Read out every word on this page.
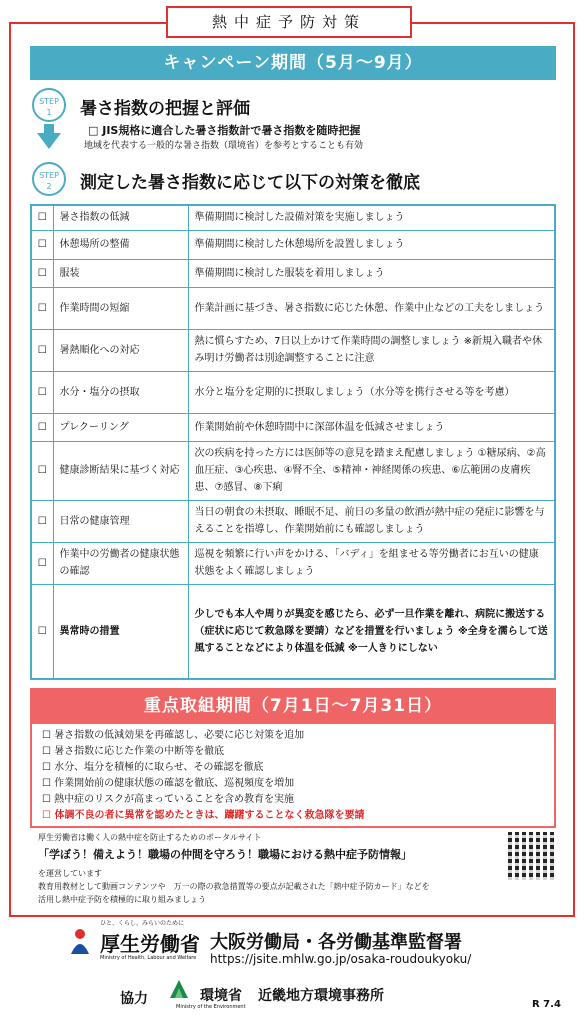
熱中症予防対策
キャンペーン期間（5月～9月）
STEP
1	暑さ指数の把握と評価
□ JIS規格に適合した暑さ指数計で暑さ指数を随時把握
地域を代表する一般的な暑さ指数（環境省）を参考とすることも有効
STEP
2	測定した暑さ指数に応じて以下の対策を徹底
☐	暑さ指数の低減	準備期間に検討した設備対策を実施しましょう
☐	休憩場所の整備	準備期間に検討した休憩場所を設置しましょう
☐	服装	準備期間に検討した服装を着用しましょう
☐	作業時間の短縮	作業計画に基づき、暑さ指数に応じた休憩、作業中止などの工夫をしましょう
☐	暑熱順化への対応	熱に慣らすため、7日以上かけて作業時間の調整しましょう ※新規入職者や休み明け労働者は別途調整することに注意
☐	水分・塩分の摂取	水分と塩分を定期的に摂取しましょう（水分等を携行させる等を考慮）
☐	プレクーリング	作業開始前や休憩時間中に深部体温を低減させましょう
☐	健康診断結果に基づく対応	次の疾病を持った方には医師等の意見を踏まえ配慮しましょう ①糖尿病、②高血圧症、③心疾患、④腎不全、⑤精神・神経関係の疾患、⑥広範囲の皮膚疾患、⑦感冒、⑧下痢
☐	日常の健康管理	当日の朝食の未摂取、睡眠不足、前日の多量の飲酒が熱中症の発症に影響を与えることを指導し、作業開始前にも確認しましょう
☐	作業中の労働者の健康状態の確認	巡視を頻繁に行い声をかける、「バディ」を組ませる等労働者にお互いの健康状態をよく確認しましょう
☐	異常時の措置	少しでも本人や周りが異変を感じたら、必ず一旦作業を離れ、病院に搬送する（症状に応じて救急隊を要請）などを措置を行いましょう ※全身を濡らして送風することなどにより体温を低減 ※一人きりにしない
重点取組期間（7月1日～7月31日）
☐ 暑さ指数の低減効果を再確認し、必要に応じ対策を追加
☐ 暑さ指数に応じた作業の中断等を徹底
☐ 水分、塩分を積極的に取らせ、その確認を徹底
☐ 作業開始前の健康状態の確認を徹底、巡視頻度を増加
☐ 熱中症のリスクが高まっていることを含め教育を実施
☐ 体調不良の者に異常を認めたときは、躊躇することなく救急隊を要請
厚生労働省は働く人の熱中症を防止するためのポータルサイト
「学ぼう！備えよう！職場の仲間を守ろう！職場における熱中症予防情報」
を運営しています
教育用教材として動画コンテンツや　万一の際の救急措置等の要点が記載された「熱中症予防カード」などを
活用し熱中症予防を積極的に取り組みましょう
ひと、くらし、みらいのために
厚生労働省
Ministry of Health, Labour and Welfare
大阪労働局・各労働基準監督署
https://jsite.mhlw.go.jp/osaka-roudoukyoku/
協力	環境省
Ministry of the Environment
近畿地方環境事務所
R 7.4
